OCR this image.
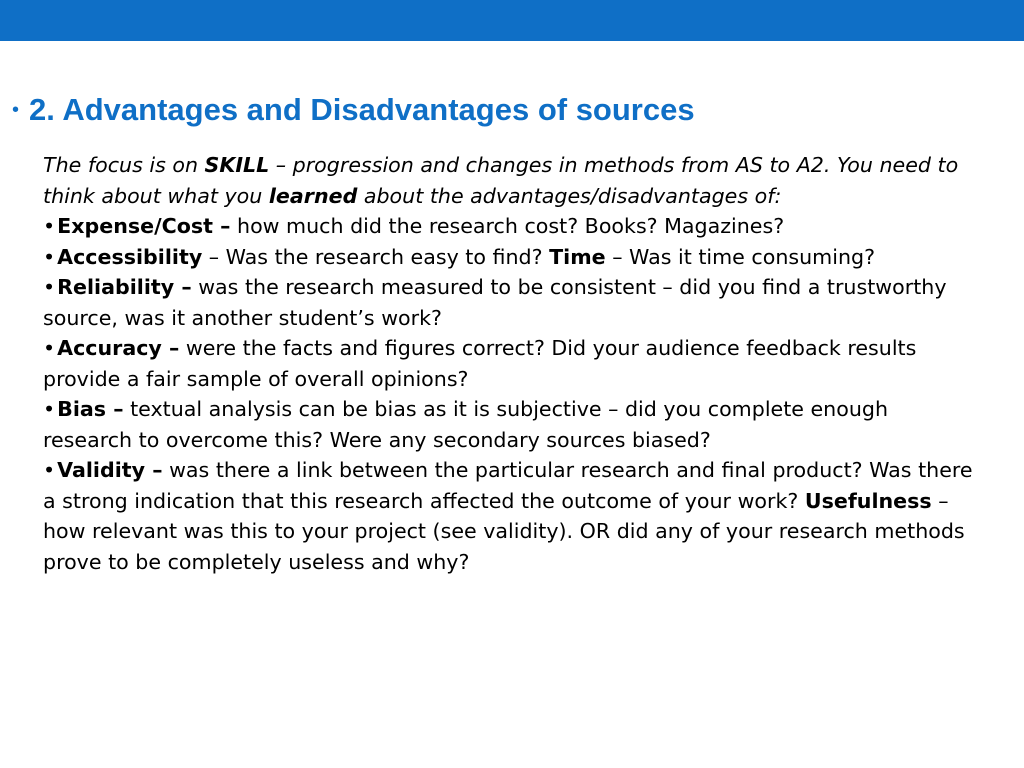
• 2. Advantages and Disadvantages of sources

The focus is on SKILL – progression and changes in methods from AS to A2. You need to think about what you learned about the advantages/disadvantages of:

•Expense/Cost – how much did the research cost? Books? Magazines?

•Accessibility – Was the research easy to find? Time – Was it time consuming?

•Reliability – was the research measured to be consistent – did you find a trustworthy source, was it another student’s work?

•Accuracy – were the facts and figures correct? Did your audience feedback results provide a fair sample of overall opinions?

•Bias – textual analysis can be bias as it is subjective – did you complete enough research to overcome this? Were any secondary sources biased?

•Validity – was there a link between the particular research and final product? Was there a strong indication that this research affected the outcome of your work? Usefulness – how relevant was this to your project (see validity). OR did any of your research methods prove to be completely useless and why?
